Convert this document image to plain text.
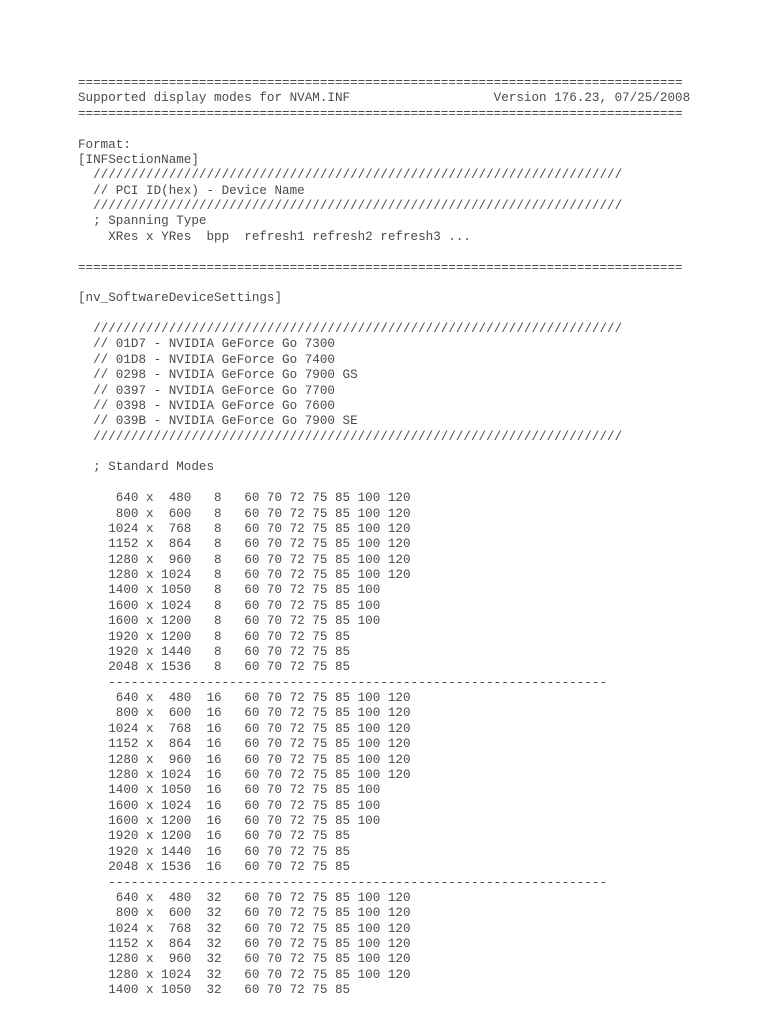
================================================================================
Supported display modes for NVAM.INF                   Version 176.23, 07/25/2008
================================================================================
Format:
[INFSectionName]
//////////////////////////////////////////////////////////////////////
// PCI ID(hex) - Device Name
//////////////////////////////////////////////////////////////////////
; Spanning Type
XRes x YRes  bpp  refresh1 refresh2 refresh3 ...
================================================================================
[nv_SoftwareDeviceSettings]
//////////////////////////////////////////////////////////////////////
// 01D7 - NVIDIA GeForce Go 7300
// 01D8 - NVIDIA GeForce Go 7400
// 0298 - NVIDIA GeForce Go 7900 GS
// 0397 - NVIDIA GeForce Go 7700
// 0398 - NVIDIA GeForce Go 7600
// 039B - NVIDIA GeForce Go 7900 SE
//////////////////////////////////////////////////////////////////////
; Standard Modes
640 x  480   8   60 70 72 75 85 100 120
800 x  600   8   60 70 72 75 85 100 120
1024 x  768   8   60 70 72 75 85 100 120
1152 x  864   8   60 70 72 75 85 100 120
1280 x  960   8   60 70 72 75 85 100 120
1280 x 1024   8   60 70 72 75 85 100 120
1400 x 1050   8   60 70 72 75 85 100
1600 x 1024   8   60 70 72 75 85 100
1600 x 1200   8   60 70 72 75 85 100
1920 x 1200   8   60 70 72 75 85
1920 x 1440   8   60 70 72 75 85
2048 x 1536   8   60 70 72 75 85
------------------------------------------------------------------
640 x  480  16   60 70 72 75 85 100 120
800 x  600  16   60 70 72 75 85 100 120
1024 x  768  16   60 70 72 75 85 100 120
1152 x  864  16   60 70 72 75 85 100 120
1280 x  960  16   60 70 72 75 85 100 120
1280 x 1024  16   60 70 72 75 85 100 120
1400 x 1050  16   60 70 72 75 85 100
1600 x 1024  16   60 70 72 75 85 100
1600 x 1200  16   60 70 72 75 85 100
1920 x 1200  16   60 70 72 75 85
1920 x 1440  16   60 70 72 75 85
2048 x 1536  16   60 70 72 75 85
------------------------------------------------------------------
640 x  480  32   60 70 72 75 85 100 120
800 x  600  32   60 70 72 75 85 100 120
1024 x  768  32   60 70 72 75 85 100 120
1152 x  864  32   60 70 72 75 85 100 120
1280 x  960  32   60 70 72 75 85 100 120
1280 x 1024  32   60 70 72 75 85 100 120
1400 x 1050  32   60 70 72 75 85
